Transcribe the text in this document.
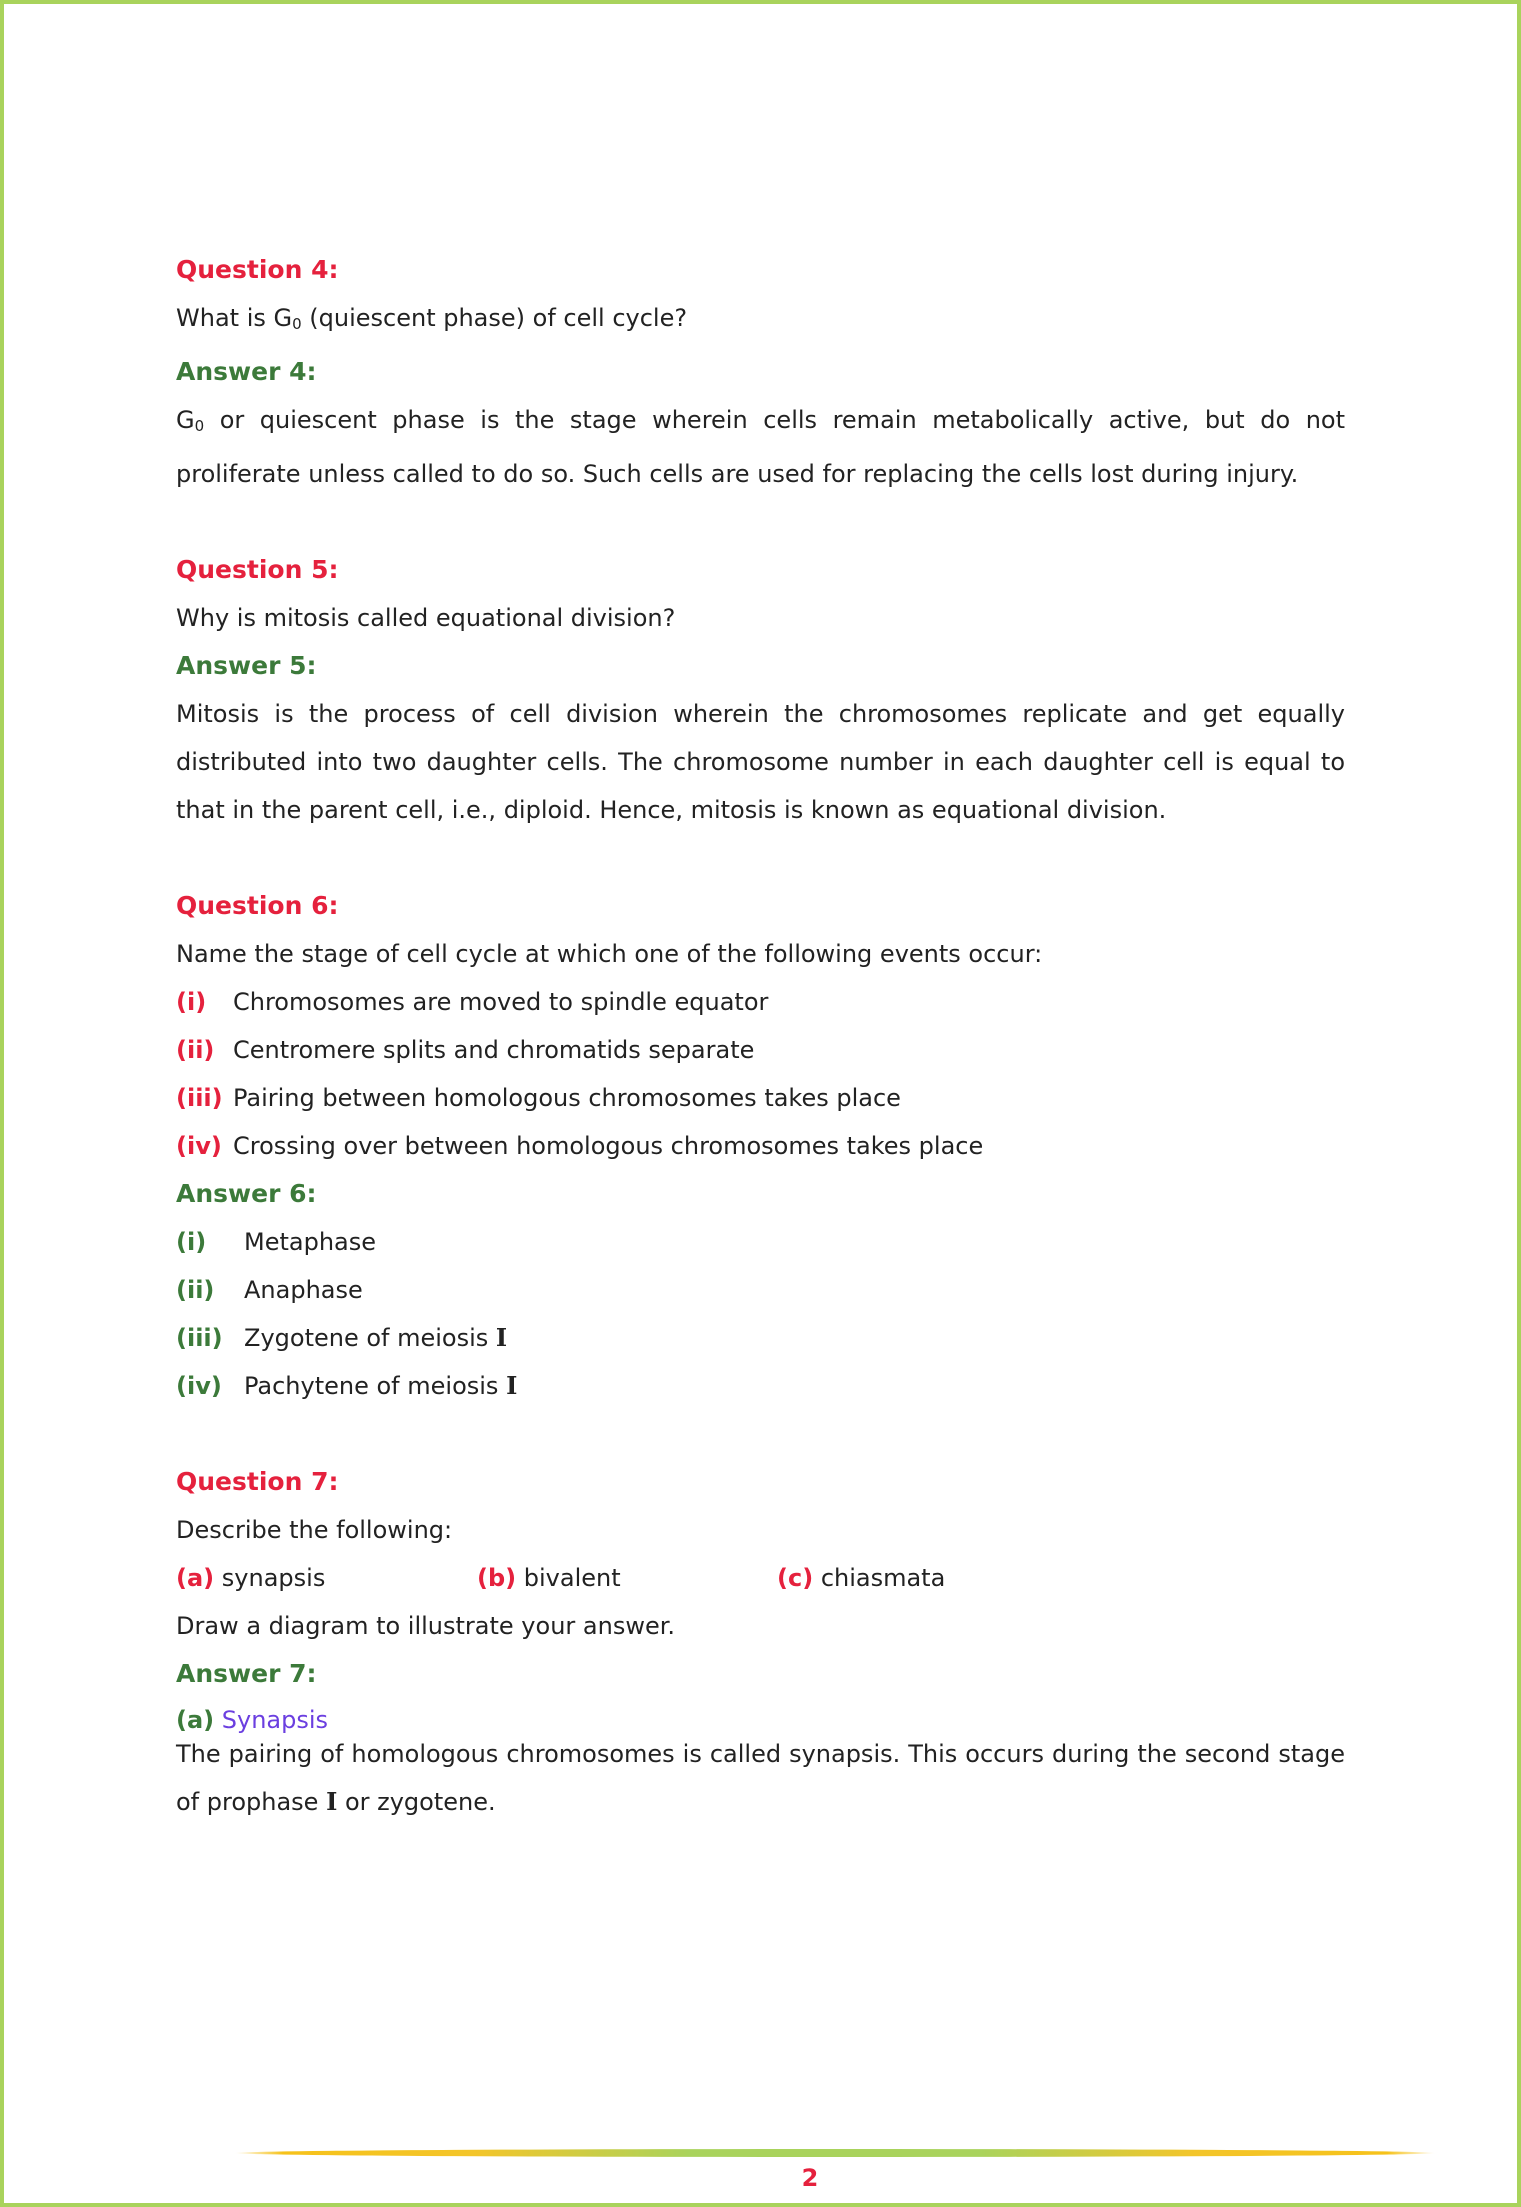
Question 4:

What is $G_0$ (quiescent phase) of cell cycle?

Answer 4:

$G_0$ or quiescent phase is the stage wherein cells remain metabolically active, but do not proliferate unless called to do so. Such cells are used for replacing the cells lost during injury.

Question 5:

Why is mitosis called equational division?

Answer 5:

Mitosis is the process of cell division wherein the chromosomes replicate and get equally distributed into two daughter cells. The chromosome number in each daughter cell is equal to that in the parent cell, i.e., diploid. Hence, mitosis is known as equational division.

Question 6:

Name the stage of cell cycle at which one of the following events occur:

(i)	Chromosomes are moved to spindle equator
(ii) Centromere splits and chromatids separate
(iii) Pairing between homologous chromosomes takes place
(iv) Crossing over between homologous chromosomes takes place
Answer 6:
(i)	Metaphase
(ii)	Anaphase
(iii) Zygotene of meiosis I
(iv) Pachytene of meiosis I
Question 7:

Describe the following:

(a) synapsis	(b) bivalent	(c) chiasmata

Draw a diagram to illustrate your answer.

Answer 7:
(a) Synapsis

The pairing of homologous chromosomes is called synapsis. This occurs during the second stage of prophase I or zygotene.

2
